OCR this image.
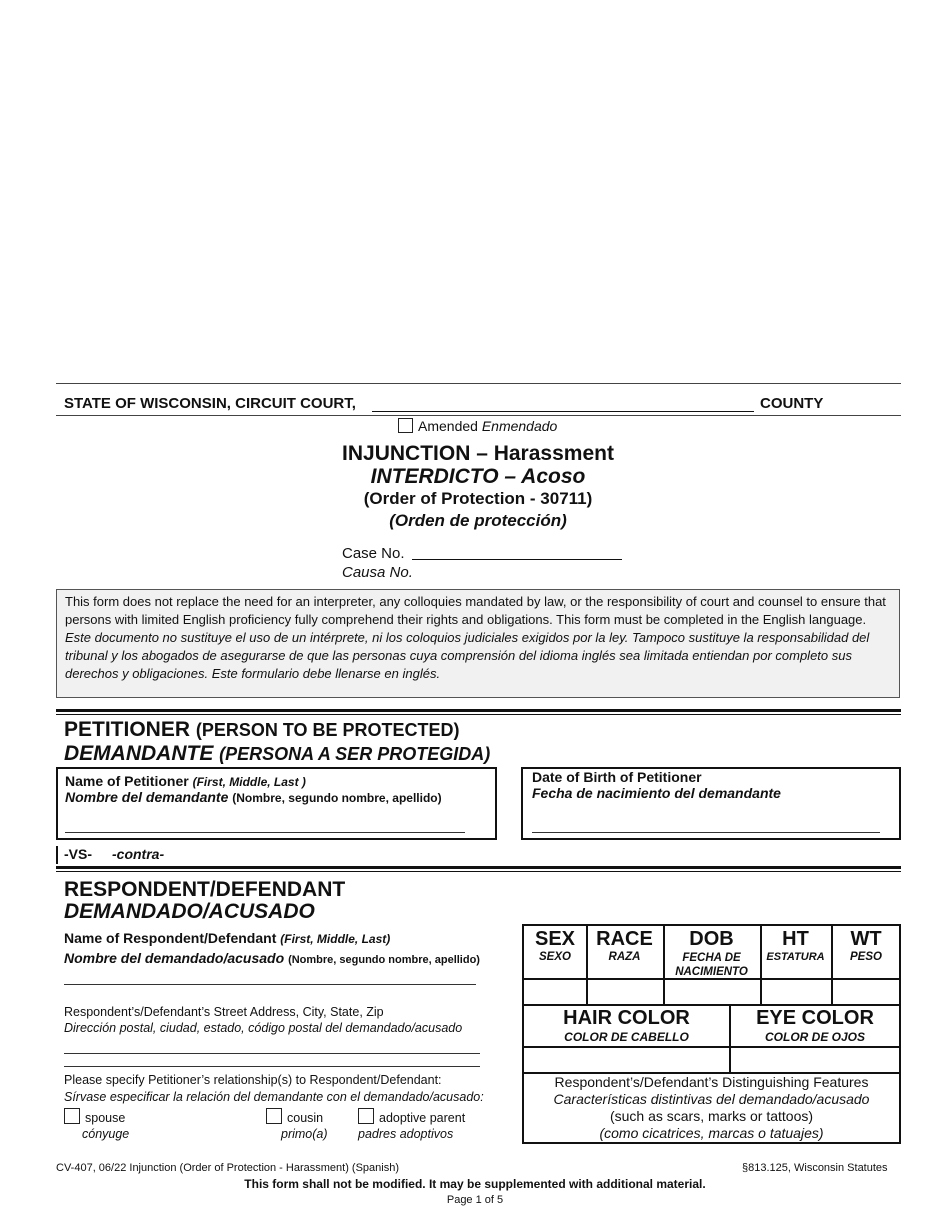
STATE OF WISCONSIN, CIRCUIT COURT,	COUNTY
Amended Enmendado
INJUNCTION – Harassment
INTERDICTO – Acoso
(Order of Protection - 30711)
(Orden de protección)
Case No.
Causa No.
This form does not replace the need for an interpreter, any colloquies mandated by law, or the responsibility of court and counsel to ensure that persons with limited English proficiency fully comprehend their rights and obligations. This form must be completed in the English language.
Este documento no sustituye el uso de un intérprete, ni los coloquios judiciales exigidos por la ley. Tampoco sustituye la responsabilidad del tribunal y los abogados de asegurarse de que las personas cuya comprensión del idioma inglés sea limitada entiendan por completo sus derechos y obligaciones. Este formulario debe llenarse en inglés.
PETITIONER (PERSON TO BE PROTECTED)
DEMANDANTE (PERSONA A SER PROTEGIDA)
Name of Petitioner (First, Middle, Last )
Nombre del demandante (Nombre, segundo nombre, apellido)
Date of Birth of Petitioner
Fecha de nacimiento del demandante
-VS- -contra-
RESPONDENT/DEFENDANT
DEMANDADO/ACUSADO
Name of Respondent/Defendant (First, Middle, Last)
Nombre del demandado/acusado (Nombre, segundo nombre, apellido)
Respondent’s/Defendant’s Street Address, City, State, Zip
Dirección postal, ciudad, estado, código postal del demandado/acusado
Please specify Petitioner’s relationship(s) to Respondent/Defendant:
Sírvase especificar la relación del demandante con el demandado/acusado:
spouse
cónyuge
cousin
primo(a)
adoptive parent
padres adoptivos
SEX
SEXO
RACE
RAZA
DOB
FECHA DE
NACIMIENTO
HT
ESTATURA
WT
PESO
HAIR COLOR
COLOR DE CABELLO
EYE COLOR
COLOR DE OJOS
Respondent’s/Defendant’s Distinguishing Features
Características distintivas del demandado/acusado
(such as scars, marks or tattoos)
(como cicatrices, marcas o tatuajes)
CV-407, 06/22 Injunction (Order of Protection - Harassment) (Spanish)	§813.125, Wisconsin Statutes
This form shall not be modified. It may be supplemented with additional material.
Page 1 of 5
